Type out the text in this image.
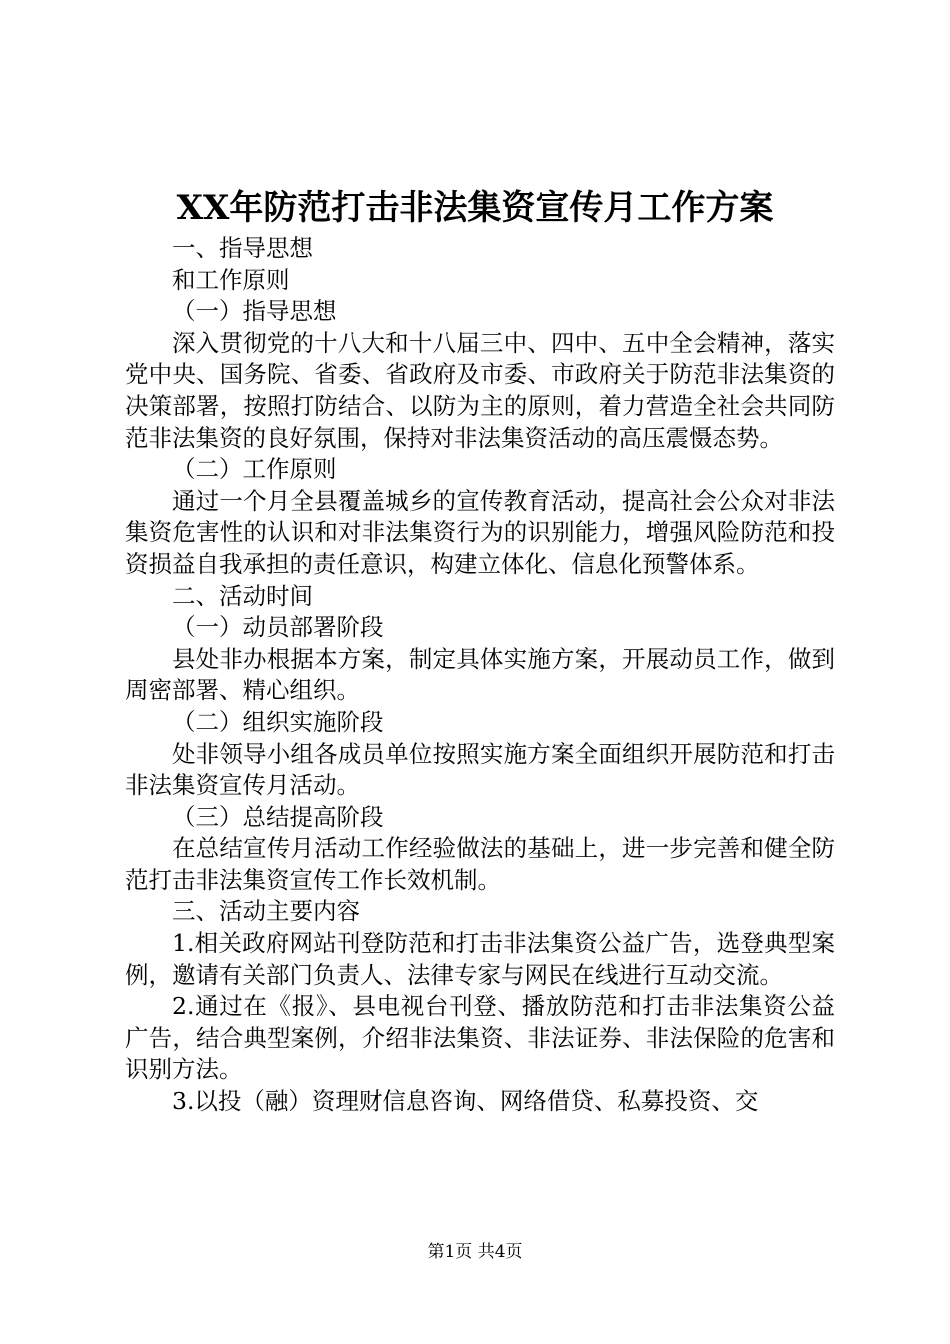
XX年防范打击非法集资宣传月工作方案

一、指导思想

和工作原则

（一）指导思想

深入贯彻党的十八大和十八届三中、四中、五中全会精神，落实党中央、国务院、省委、省政府及市委、市政府关于防范非法集资的决策部署，按照打防结合、以防为主的原则，着力营造全社会共同防范非法集资的良好氛围，保持对非法集资活动的高压震慑态势。

（二）工作原则

通过一个月全县覆盖城乡的宣传教育活动，提高社会公众对非法集资危害性的认识和对非法集资行为的识别能力，增强风险防范和投资损益自我承担的责任意识，构建立体化、信息化预警体系。

二、活动时间

（一）动员部署阶段

县处非办根据本方案，制定具体实施方案，开展动员工作，做到周密部署、精心组织。

（二）组织实施阶段

处非领导小组各成员单位按照实施方案全面组织开展防范和打击非法集资宣传月活动。

（三）总结提高阶段

在总结宣传月活动工作经验做法的基础上，进一步完善和健全防范打击非法集资宣传工作长效机制。

三、活动主要内容

1.相关政府网站刊登防范和打击非法集资公益广告，选登典型案例，邀请有关部门负责人、法律专家与网民在线进行互动交流。

2.通过在《报》、县电视台刊登、播放防范和打击非法集资公益广告，结合典型案例，介绍非法集资、非法证券、非法保险的危害和识别方法。

3.以投（融）资理财信息咨询、网络借贷、私募投资、交

第1页 共4页
